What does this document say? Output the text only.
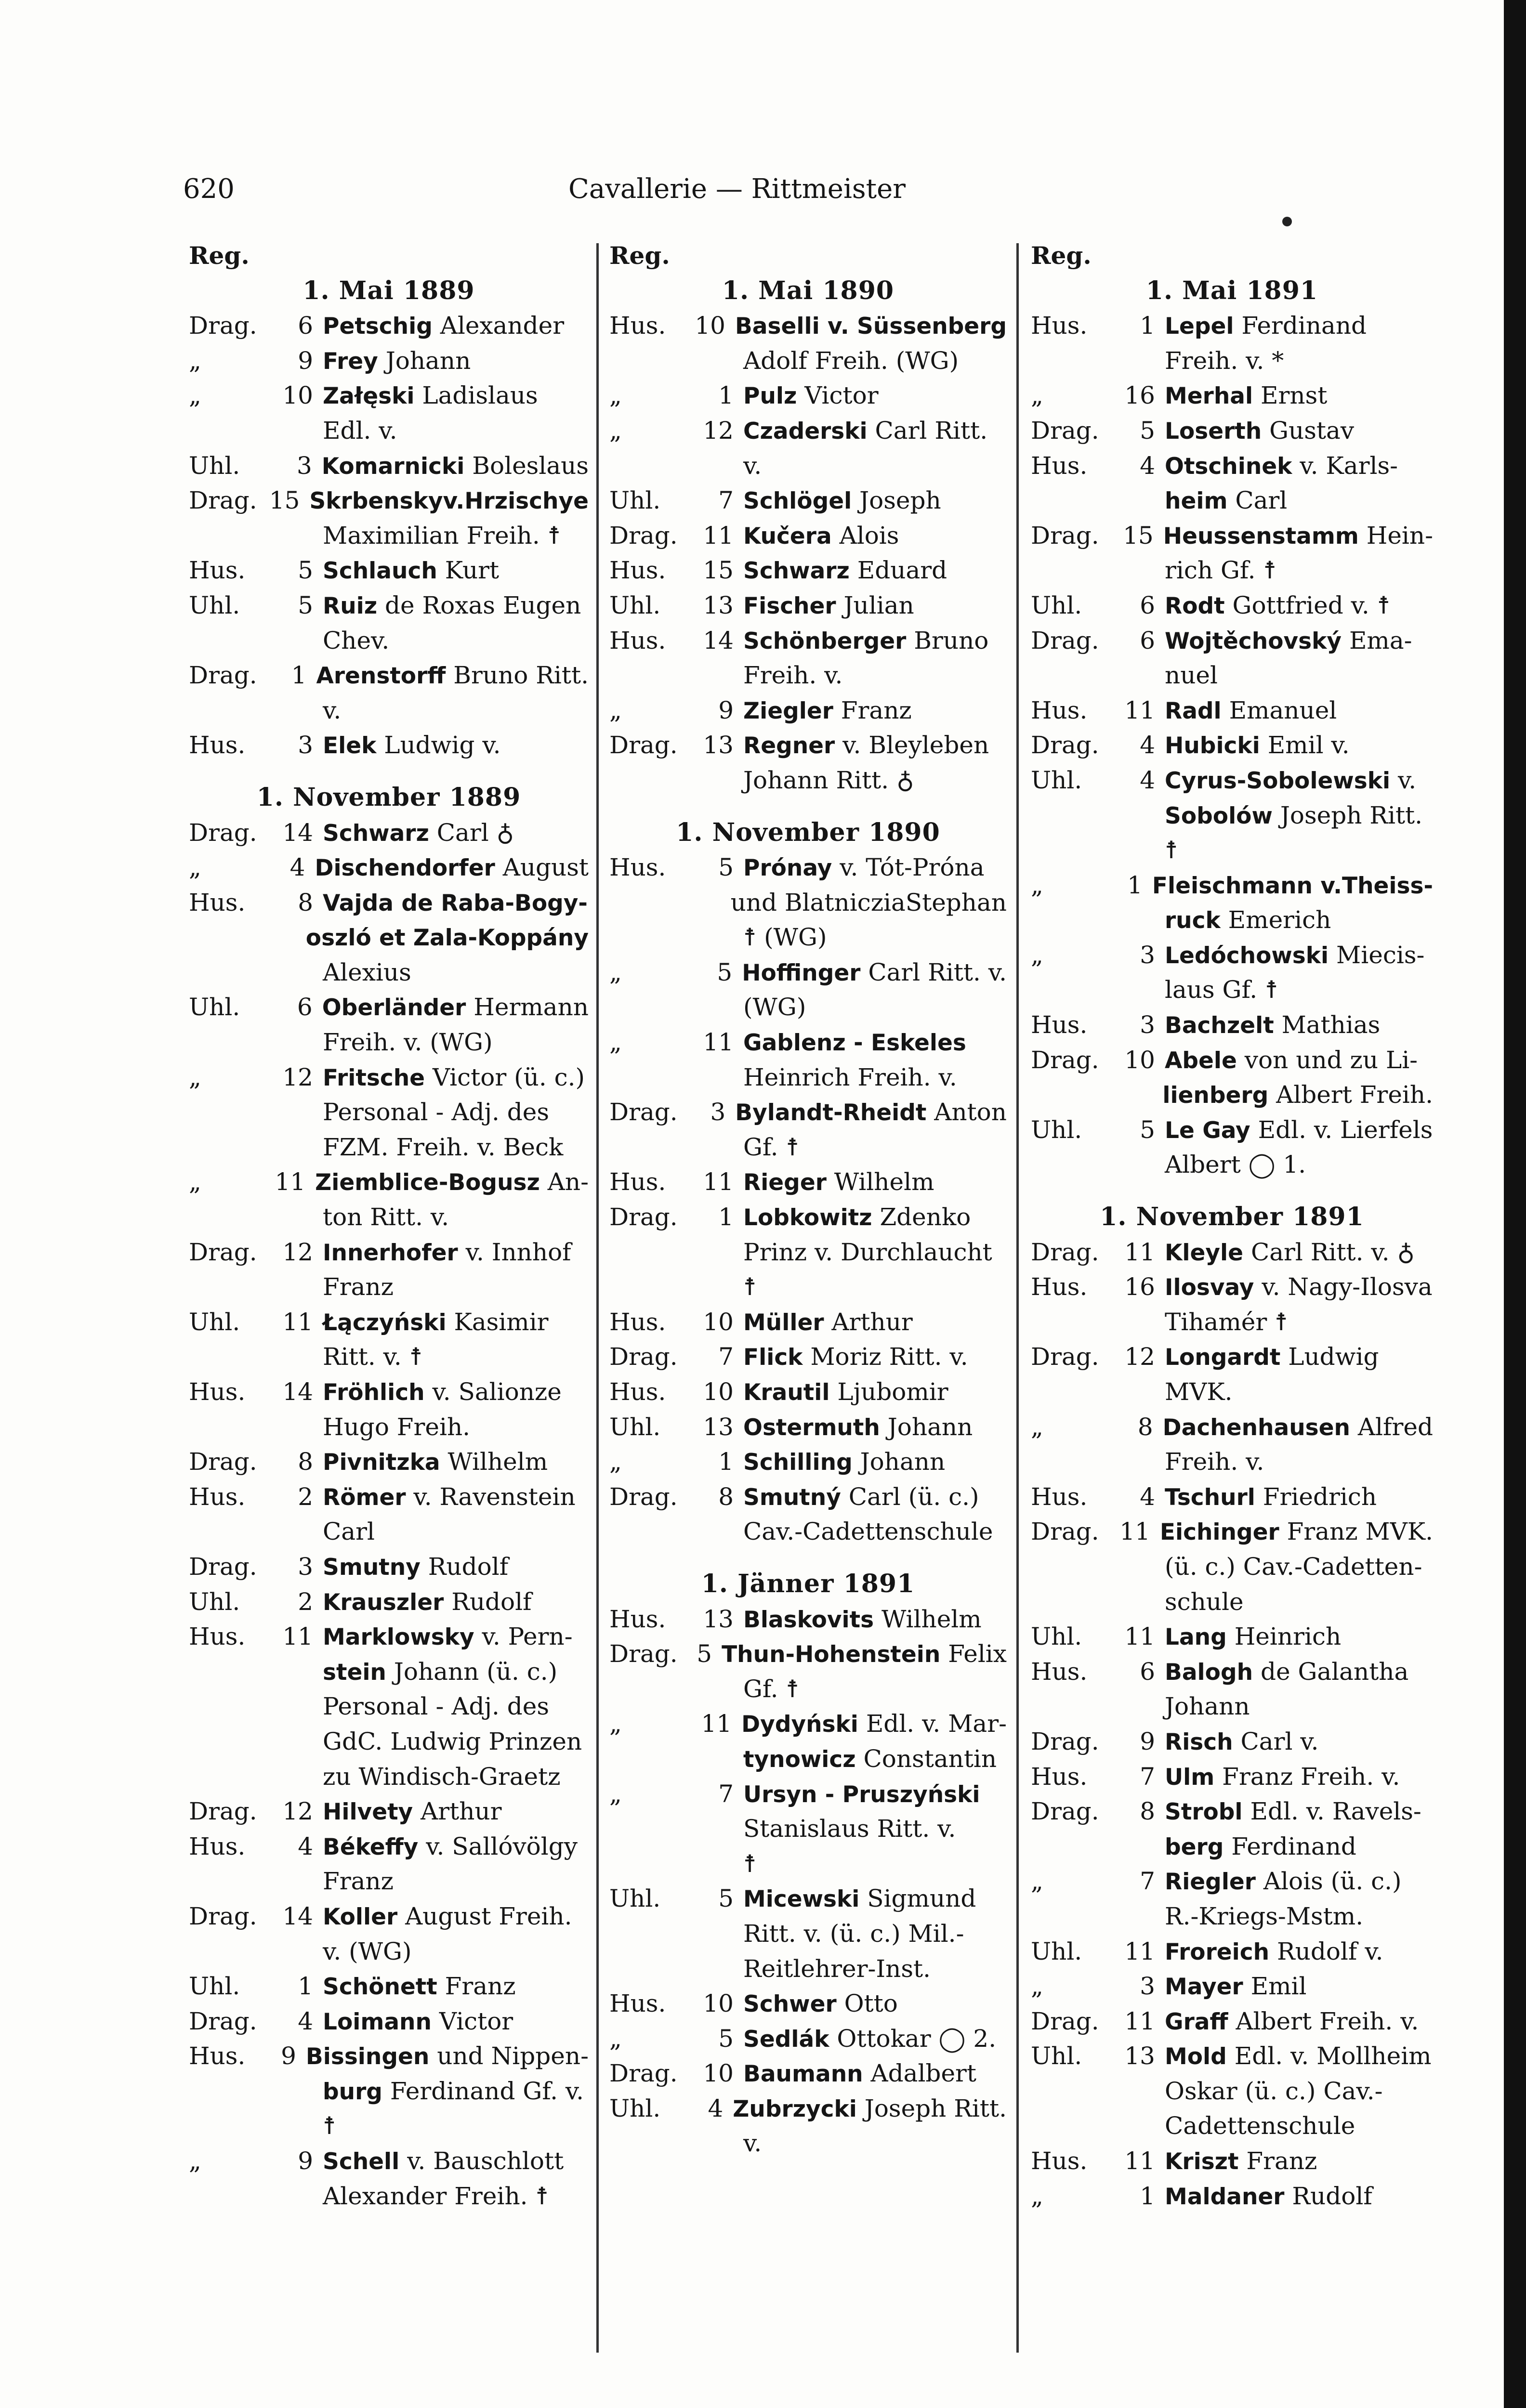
620	Cavallerie — Rittmeister
Reg.
1. Mai 1889
Drag.	6 Petschig Alexander
„	9 Frey Johann
„	10 Załęski Ladislaus
Edl. v.
Uhl.	3 Komarnicki Boleslaus
Drag. 15 Skrbenskyv.Hrzischye
Maximilian Freih. ☨
Hus.	5 Schlauch Kurt
Uhl.	5 Ruiz de Roxas Eugen
Chev.
Drag.	1 Arenstorff Bruno Ritt.
v.
Hus.	3 Elek Ludwig v.
1. November 1889
Drag.	14 Schwarz Carl ♁
„	4 Dischendorfer August
Hus.	8 Vajda de Raba-Bogy-
oszló et Zala-Koppány
Alexius
Uhl.	6 Oberländer Hermann
Freih. v. (WG)
„	12 Fritsche Victor (ü. c.)
Personal - Adj. des
FZM. Freih. v. Beck
„	11 Ziemblice-Bogusz An-
ton Ritt. v.
Drag.	12 Innerhofer v. Innhof
Franz
Uhl.	11 Łączyński Kasimir
Ritt. v. ☨
Hus.	14 Fröhlich v. Salionze
Hugo Freih.
Drag.	8 Pivnitzka Wilhelm
Hus.	2 Römer v. Ravenstein
Carl
Drag.	3 Smutny Rudolf
Uhl.	2 Krauszler Rudolf
Hus.	11 Marklowsky v. Pern-
stein Johann (ü. c.)
Personal - Adj. des
GdC. Ludwig Prinzen
zu Windisch-Graetz
Drag.	12 Hilvety Arthur
Hus.	4 Békeffy v. Sallóvölgy
Franz
Drag.	14 Koller August Freih.
v. (WG)
Uhl.	1 Schönett Franz
Drag.	4 Loimann Victor
Hus.	9 Bissingen und Nippen-
burg Ferdinand Gf. v.
☨
„	9 Schell v. Bauschlott
Alexander Freih. ☨
Reg.
1. Mai 1890
Hus.	10 Baselli v. Süssenberg
Adolf Freih. (WG)
„	1 Pulz Victor
„	12 Czaderski Carl Ritt.
v.
Uhl.	7 Schlögel Joseph
Drag.	11 Kučera Alois
Hus.	15 Schwarz Eduard
Uhl.	13 Fischer Julian
Hus.	14 Schönberger Bruno
Freih. v.
„	9 Ziegler Franz
Drag.	13 Regner v. Bleyleben
Johann Ritt. ♁
1. November 1890
Hus.	5 Prónay v. Tót-Próna
und BlatnicziaStephan
☨ (WG)
„	5 Hoffinger Carl Ritt. v.
(WG)
„	11 Gablenz - Eskeles
Heinrich Freih. v.
Drag.	3 Bylandt-Rheidt Anton
Gf. ☨
Hus.	11 Rieger Wilhelm
Drag.	1 Lobkowitz Zdenko
Prinz v. Durchlaucht
☨
Hus.	10 Müller Arthur
Drag.	7 Flick Moriz Ritt. v.
Hus.	10 Krautil Ljubomir
Uhl.	13 Ostermuth Johann
„	1 Schilling Johann
Drag.	8 Smutný Carl (ü. c.)
Cav.-Cadettenschule
1. Jänner 1891
Hus.	13 Blaskovits Wilhelm
Drag. 5 Thun-Hohenstein Felix
Gf. ☨
„	11 Dydyński Edl. v. Mar-
tynowicz Constantin
„	7 Ursyn - Pruszyński
Stanislaus Ritt. v.
☨
Uhl.	5 Micewski Sigmund
Ritt. v. (ü. c.) Mil.-
Reitlehrer-Inst.
Hus.	10 Schwer Otto
„	5 Sedlák Ottokar ◯ 2.
Drag.	10 Baumann Adalbert
Uhl.	4 Zubrzycki Joseph Ritt.
v.
Reg.
1. Mai 1891
Hus.	1 Lepel Ferdinand
Freih. v. *
„	16 Merhal Ernst
Drag.	5 Loserth Gustav
Hus.	4 Otschinek v. Karls-
heim Carl
Drag. 15 Heussenstamm Hein-
rich Gf. ☨
Uhl.	6 Rodt Gottfried v. ☨
Drag.	6 Wojtěchovský Ema-
nuel
Hus.	11 Radl Emanuel
Drag.	4 Hubicki Emil v.
Uhl.	4 Cyrus-Sobolewski v.
Sobolów Joseph Ritt.
☨
„	1 Fleischmann v.Theiss-
ruck Emerich
„	3 Ledóchowski Miecis-
laus Gf. ☨
Hus.	3 Bachzelt Mathias
Drag.	10 Abele von und zu Li-
lienberg Albert Freih.
Uhl.	5 Le Gay Edl. v. Lierfels
Albert ◯ 1.
1. November 1891
Drag.	11 Kleyle Carl Ritt. v. ♁
Hus.	16 Ilosvay v. Nagy-Ilosva
Tihamér ☨
Drag.	12 Longardt Ludwig
MVK.
„	8 Dachenhausen Alfred
Freih. v.
Hus.	4 Tschurl Friedrich
Drag. 11 Eichinger Franz MVK.
(ü. c.) Cav.-Cadetten-
schule
Uhl.	11 Lang Heinrich
Hus.	6 Balogh de Galantha
Johann
Drag.	9 Risch Carl v.
Hus.	7 Ulm Franz Freih. v.
Drag.	8 Strobl Edl. v. Ravels-
berg Ferdinand
„	7 Riegler Alois (ü. c.)
R.-Kriegs-Mstm.
Uhl.	11 Froreich Rudolf v.
„	3 Mayer Emil
Drag.	11 Graff Albert Freih. v.
Uhl.	13 Mold Edl. v. Mollheim
Oskar (ü. c.) Cav.-
Cadettenschule
Hus.	11 Kriszt Franz
„	1 Maldaner Rudolf
